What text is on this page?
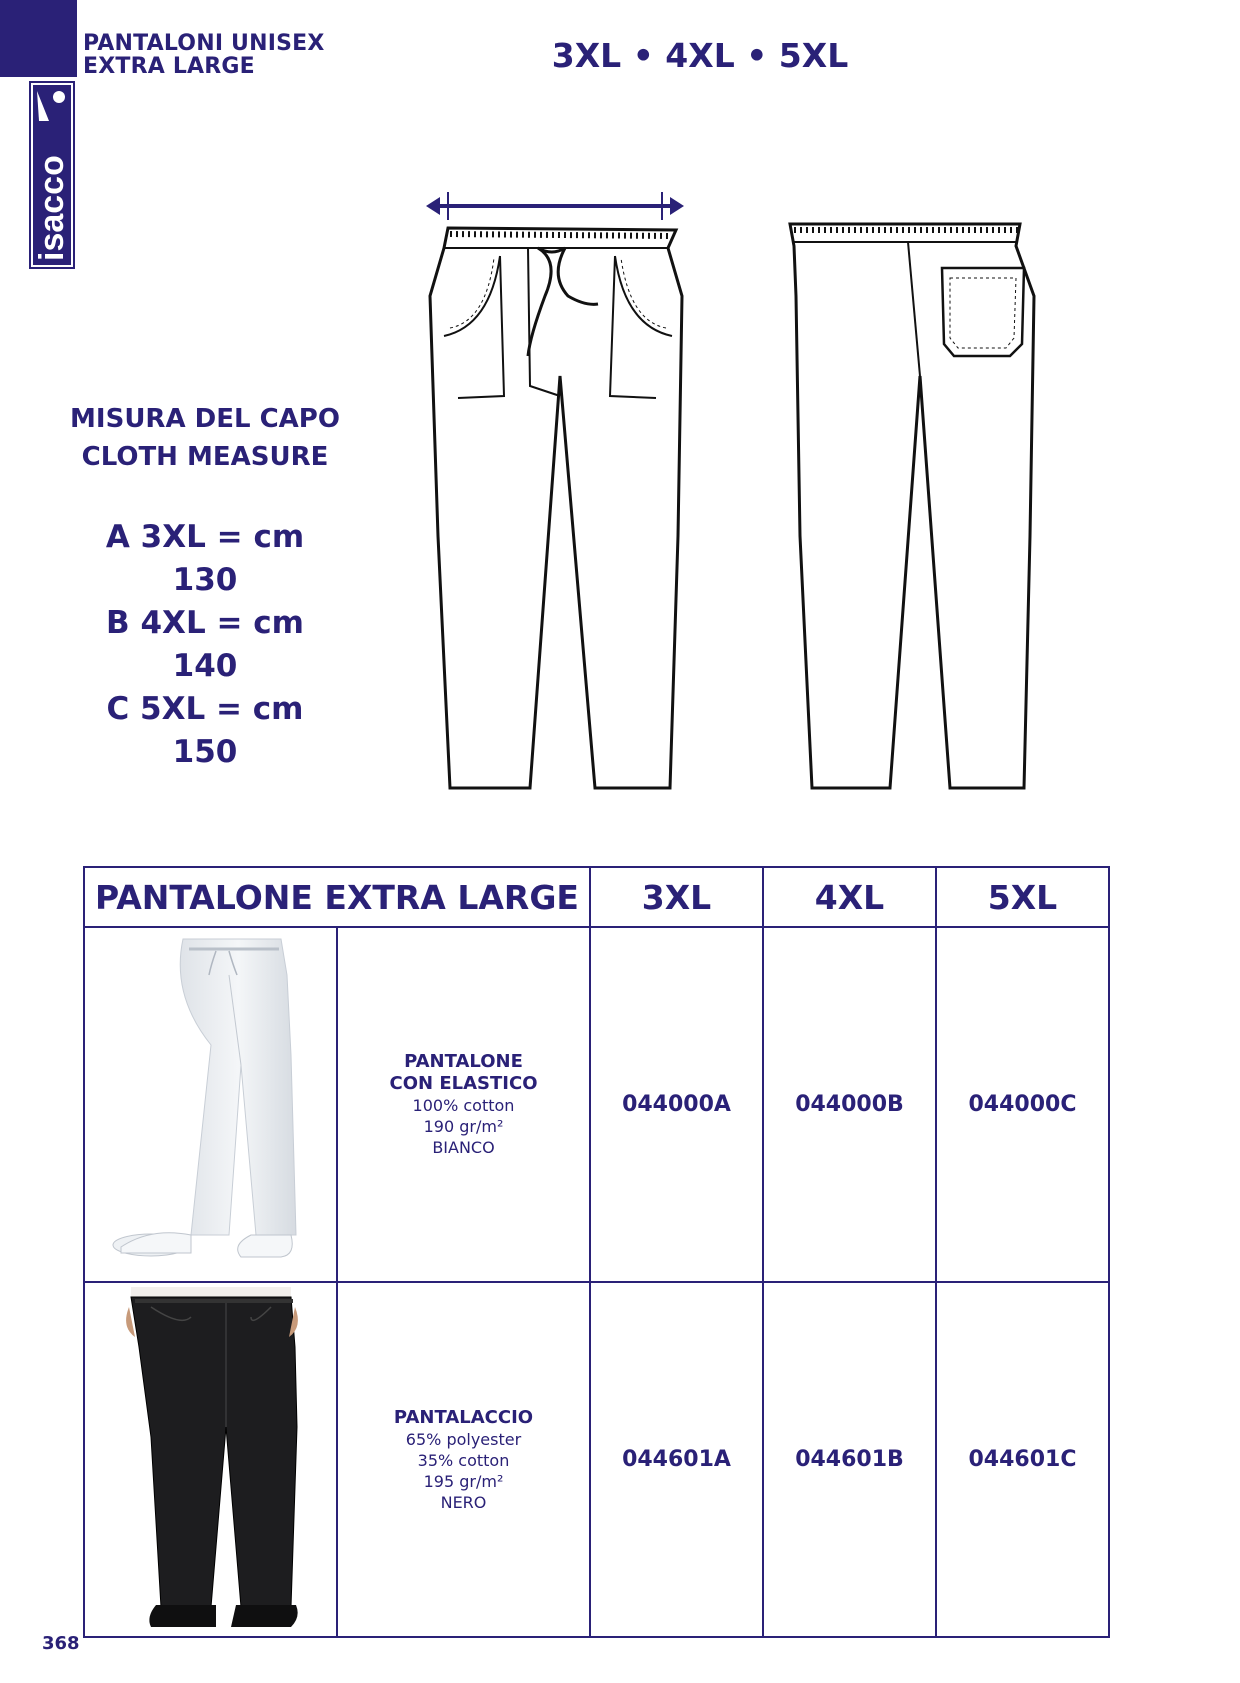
PANTALONI UNISEX
EXTRA LARGE	3XL • 4XL • 5XL
isacco
MISURA DEL CAPO
CLOTH MEASURE
A 3XL = cm 130
B 4XL = cm 140
C 5XL = cm 150
PANTALONE EXTRA LARGE		3XL	4XL	5XL

PANTALONE
CON ELASTICO
100% cotton
190 gr/m²
BIANCO	044000A	044000B	044000C

PANTALACCIO
65% polyester
35% cotton
195 gr/m²
NERO	044601A	044601B	044601C
368
